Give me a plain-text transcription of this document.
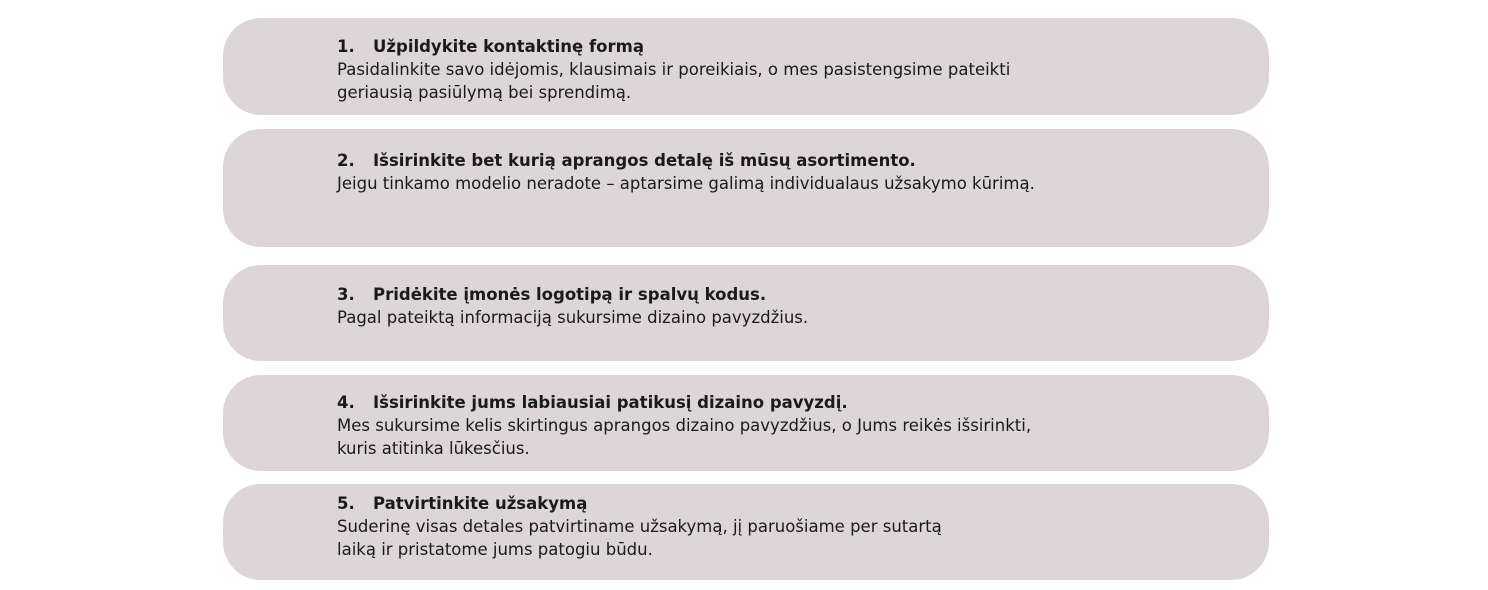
1. Užpildykite kontaktinę formą
Pasidalinkite savo idėjomis, klausimais ir poreikiais, o mes pasistengsime pateikti
geriausią pasiūlymą bei sprendimą.
2. Išsirinkite bet kurią aprangos detalę iš mūsų asortimento.
Jeigu tinkamo modelio neradote – aptarsime galimą individualaus užsakymo kūrimą.
3. Pridėkite įmonės logotipą ir spalvų kodus.
Pagal pateiktą informaciją sukursime dizaino pavyzdžius.
4. Išsirinkite jums labiausiai patikusį dizaino pavyzdį.
Mes sukursime kelis skirtingus aprangos dizaino pavyzdžius, o Jums reikės išsirinkti,
kuris atitinka lūkesčius.
5. Patvirtinkite užsakymą
Suderinę visas detales patvirtiname užsakymą, jį paruošiame per sutartą
laiką ir pristatome jums patogiu būdu.
